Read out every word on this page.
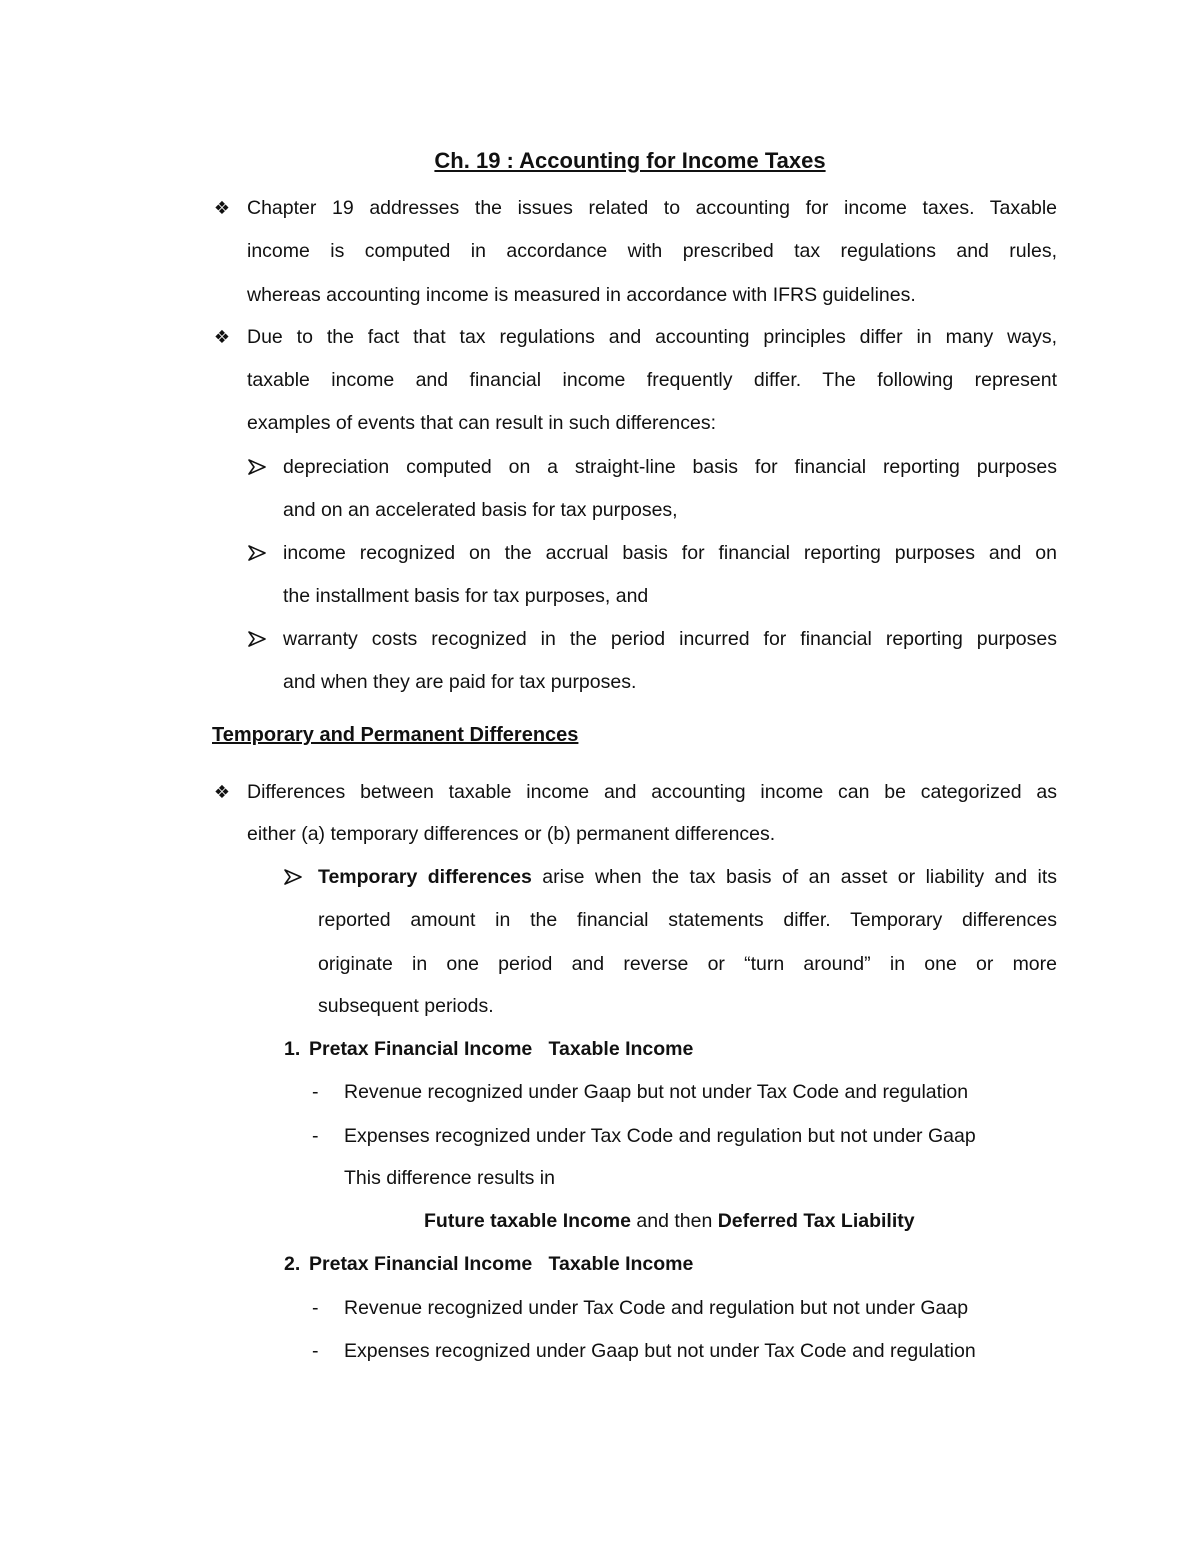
Ch. 19 : Accounting for Income Taxes
❖ Chapter 19 addresses the issues related to accounting for income taxes. Taxable
income is computed in accordance with prescribed tax regulations and rules,
whereas accounting income is measured in accordance with IFRS guidelines.
❖ Due to the fact that tax regulations and accounting principles differ in many ways,
taxable income and financial income frequently differ. The following represent
examples of events that can result in such differences:
depreciation computed on a straight-line basis for financial reporting purposes
and on an accelerated basis for tax purposes,
income recognized on the accrual basis for financial reporting purposes and on
the installment basis for tax purposes, and
warranty costs recognized in the period incurred for financial reporting purposes
and when they are paid for tax purposes.
Temporary and Permanent Differences
❖ Differences between taxable income and accounting income can be categorized as
either (a) temporary differences or (b) permanent differences.
Temporary differences arise when the tax basis of an asset or liability and its
reported amount in the financial statements differ. Temporary differences
originate in one period and reverse or “turn around” in one or more
subsequent periods.
1. Pretax Financial Income   Taxable Income
-	Revenue recognized under Gaap but not under Tax Code and regulation
-	Expenses recognized under Tax Code and regulation but not under Gaap
This difference results in
Future taxable Income and then Deferred Tax Liability
2. Pretax Financial Income   Taxable Income
-	Revenue recognized under Tax Code and regulation but not under Gaap
-	Expenses recognized under Gaap but not under Tax Code and regulation
